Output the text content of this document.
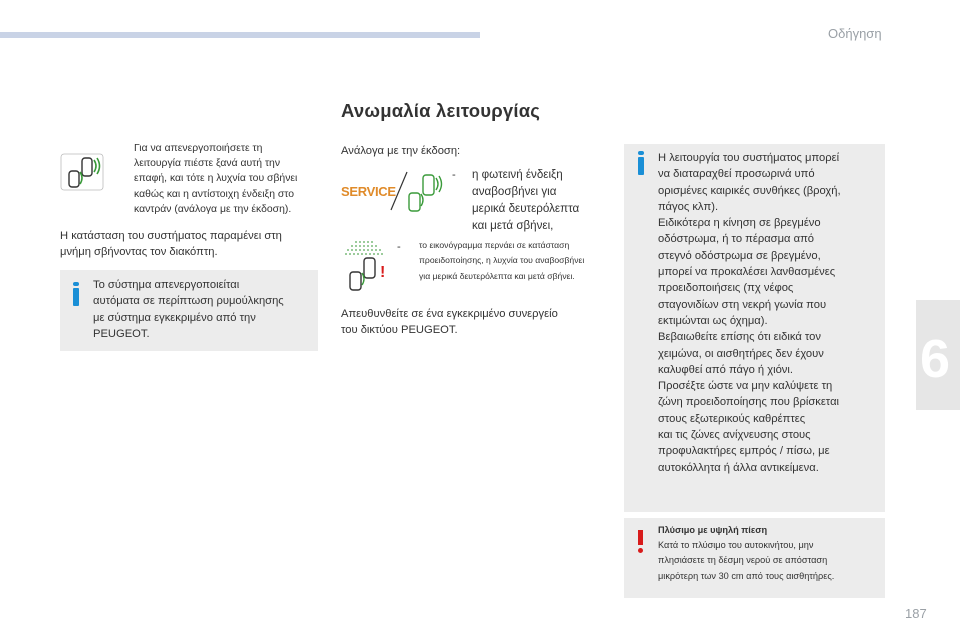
Οδήγηση
6
187
Ανωμαλία λειτουργίας
Για να απενεργοποιήσετε τη
λειτουργία πιέστε ξανά αυτή την
επαφή, και τότε η λυχνία του σβήνει
καθώς και η αντίστοιχη ένδειξη στο
καντράν (ανάλογα με την έκδοση).
Η κατάσταση του συστήματος παραμένει στη
μνήμη σβήνοντας τον διακόπτη.
Το σύστημα απενεργοποιείται
αυτόματα σε περίπτωση ρυμούλκησης
με σύστημα εγκεκριμένο από την
PEUGEOT.
Ανάλογα με την έκδοση:
SERVICE
- η φωτεινή ένδειξη
αναβοσβήνει για
μερικά δευτερόλεπτα
και μετά σβήνει,
!
- το εικονόγραμμα περνάει σε κατάσταση
προειδοποίησης, η λυχνία του αναβοσβήνει
για μερικά δευτερόλεπτα και μετά σβήνει.
Απευθυνθείτε σε ένα εγκεκριμένο συνεργείο
του δικτύου PEUGEOT.
Η λειτουργία του συστήματος μπορεί
να διαταραχθεί προσωρινά υπό
ορισμένες καιρικές συνθήκες (βροχή,
πάγος κλπ).
Ειδικότερα η κίνηση σε βρεγμένο
οδόστρωμα, ή το πέρασμα από
στεγνό οδόστρωμα σε βρεγμένο,
μπορεί να προκαλέσει λανθασμένες
προειδοποιήσεις (πχ νέφος
σταγονιδίων στη νεκρή γωνία που
εκτιμώνται ως όχημα).
Βεβαιωθείτε επίσης ότι ειδικά τον
χειμώνα, οι αισθητήρες δεν έχουν
καλυφθεί από πάγο ή χιόνι.
Προσέξτε ώστε να μην καλύψετε τη
ζώνη προειδοποίησης που βρίσκεται
στους εξωτερικούς καθρέπτες
και τις ζώνες ανίχνευσης στους
προφυλακτήρες εμπρός / πίσω, με
αυτοκόλλητα ή άλλα αντικείμενα.
Πλύσιμο με υψηλή πίεση
Κατά το πλύσιμο του αυτοκινήτου, μην
πλησιάσετε τη δέσμη νερού σε απόσταση
μικρότερη των 30 cm από τους αισθητήρες.
